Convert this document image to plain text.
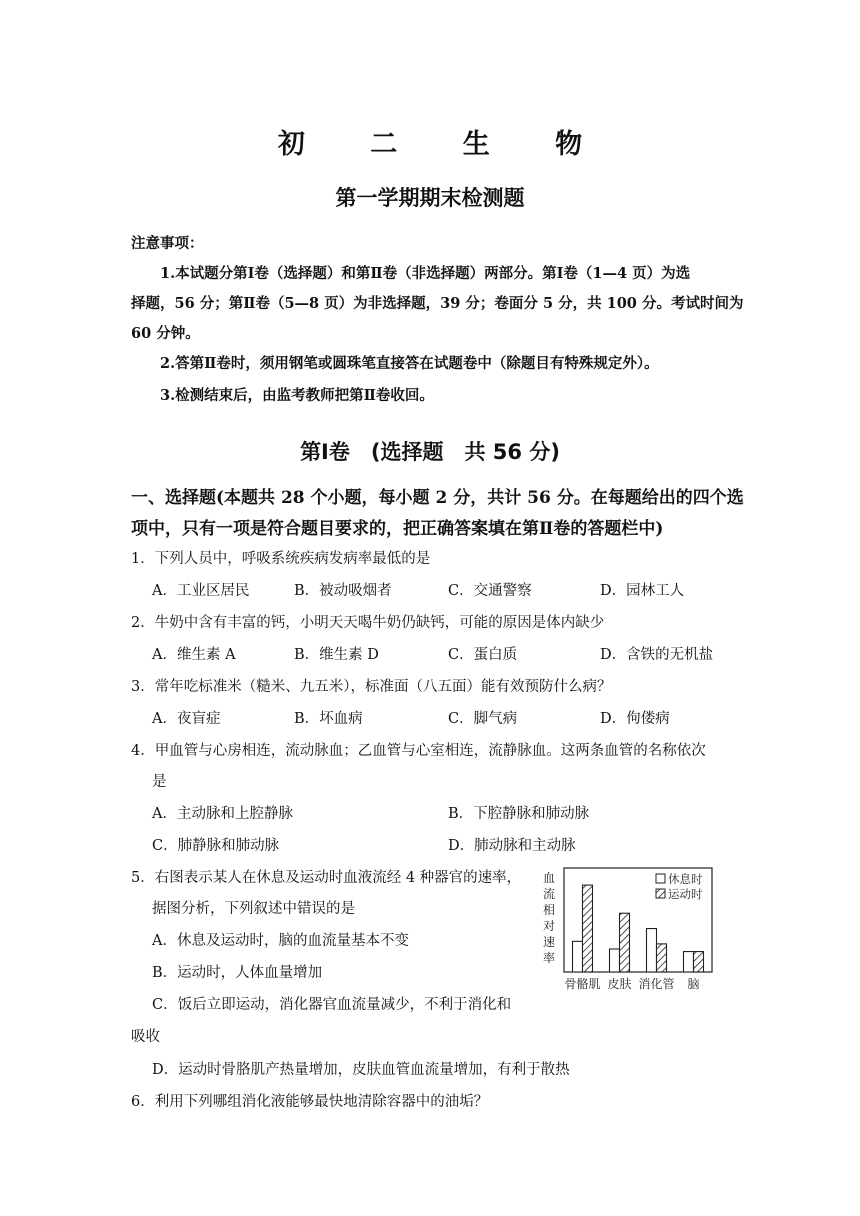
初 二 生 物
第一学期期末检测题
注意事项：
1.本试题分第Ⅰ卷（选择题）和第Ⅱ卷（非选择题）两部分。第Ⅰ卷（1—4 页）为选
择题，56 分；第Ⅱ卷（5—8 页）为非选择题，39 分；卷面分 5 分，共 100 分。考试时间为
60 分钟。
2.答第Ⅱ卷时，须用钢笔或圆珠笔直接答在试题卷中（除题目有特殊规定外）。
3.检测结束后，由监考教师把第Ⅱ卷收回。
第Ⅰ卷　(选择题　共 56 分)
一、选择题(本题共 28 个小题，每小题 2 分，共计 56 分。在每题给出的四个选
项中，只有一项是符合题目要求的，把正确答案填在第Ⅱ卷的答题栏中)
1．下列人员中，呼吸系统疾病发病率最低的是
A．工业区居民	B．被动吸烟者	C．交通警察	D．园林工人
2．牛奶中含有丰富的钙，小明天天喝牛奶仍缺钙，可能的原因是体内缺少
A．维生素 A	B．维生素 D	C．蛋白质	D．含铁的无机盐
3．常年吃标准米（糙米、九五米），标准面（八五面）能有效预防什么病？
A．夜盲症	B．坏血病	C．脚气病	D．佝偻病
4．甲血管与心房相连，流动脉血；乙血管与心室相连，流静脉血。这两条血管的名称依次
是
A．主动脉和上腔静脉	B．下腔静脉和肺动脉
C．肺静脉和肺动脉	D．肺动脉和主动脉
5．右图表示某人在休息及运动时血液流经 4 种器官的速率，
据图分析，下列叙述中错误的是
A．休息及运动时，脑的血流量基本不变
B．运动时，人体血量增加
C．饭后立即运动，消化器官血流量减少，不利于消化和
吸收
D．运动时骨胳肌产热量增加，皮肤血管血流量增加，有利于散热
6．利用下列哪组消化液能够最快地清除容器中的油垢？
血
流
相
对
速
率
休息时
运动时
骨骼肌 皮肤 消化管 脑
